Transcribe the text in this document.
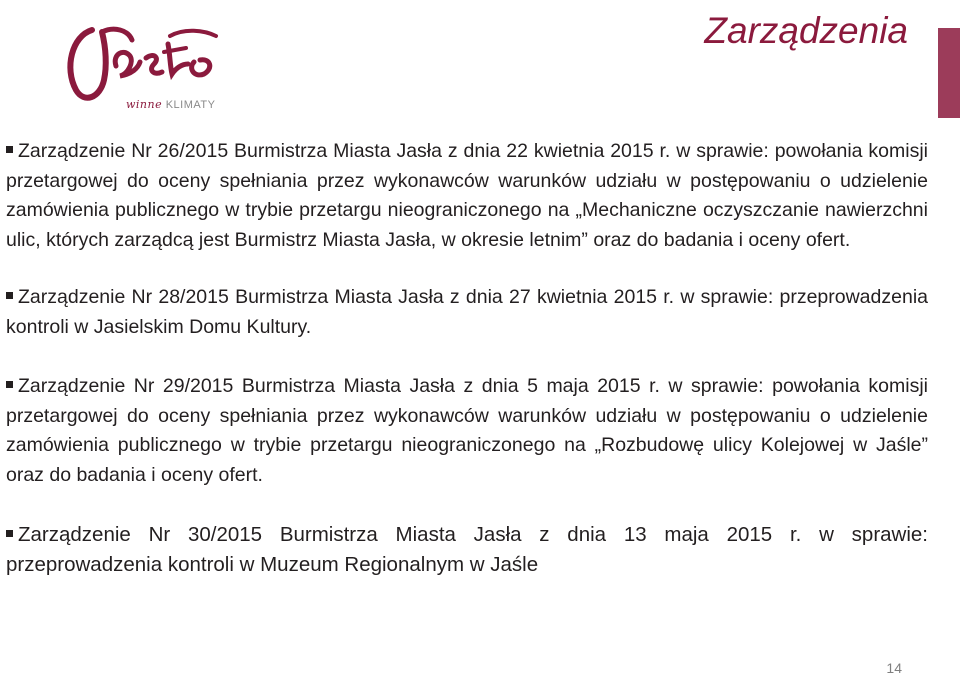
winne KLIMATY
Zarządzenia
Zarządzenie Nr 26/2015 Burmistrza Miasta Jasła z dnia 22 kwietnia 2015 r. w sprawie: powołania komisji przetargowej do oceny spełniania przez wykonawców warunków udziału w postępowaniu o udzielenie zamówienia publicznego w trybie przetargu nieograniczonego na „Mechaniczne oczyszczanie nawierzchni ulic, których zarządcą jest Burmistrz Miasta Jasła, w okresie letnim” oraz do badania i oceny ofert.
Zarządzenie Nr 28/2015 Burmistrza Miasta Jasła z dnia 27 kwietnia 2015 r. w sprawie: przeprowadzenia kontroli w Jasielskim Domu Kultury.
Zarządzenie Nr 29/2015 Burmistrza Miasta Jasła z dnia 5 maja 2015 r. w sprawie: powołania komisji przetargowej do oceny spełniania przez wykonawców warunków udziału w postępowaniu o udzielenie zamówienia publicznego w trybie przetargu nieograniczonego na „Rozbudowę ulicy Kolejowej w Jaśle” oraz do badania i oceny ofert.
Zarządzenie Nr 30/2015 Burmistrza Miasta Jasła z dnia 13 maja 2015 r. w sprawie: przeprowadzenia kontroli w Muzeum Regionalnym w Jaśle
14
